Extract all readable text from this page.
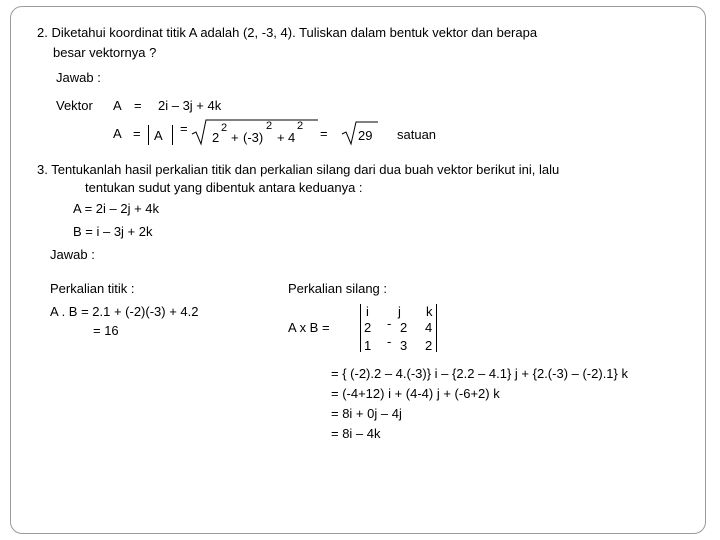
2. Diketahui koordinat titik A adalah (2, -3, 4). Tuliskan dalam bentuk vektor dan berapa
besar vektornya ?
Jawab :
Vektor A = 2i – 3j + 4k
A = A =
2
2
+ (-3)
2
+ 4
2 = 29 satuan
3. Tentukanlah hasil perkalian titik dan perkalian silang dari dua buah vektor berikut ini, lalu
tentukan sudut yang dibentuk antara keduanya :
A = 2i – 2j + 4k
B = i – 3j + 2k
Jawab :
Perkalian titik :
A . B = 2.1 + (-2)(-3) + 4.2
= 16
Perkalian silang :
A x B =
i j k
2 - 2 4
1 - 3 2
= { (-2).2 – 4.(-3)} i – {2.2 – 4.1} j + {2.(-3) – (-2).1} k
= (-4+12) i + (4-4) j + (-6+2) k
= 8i + 0j – 4j
= 8i – 4k
